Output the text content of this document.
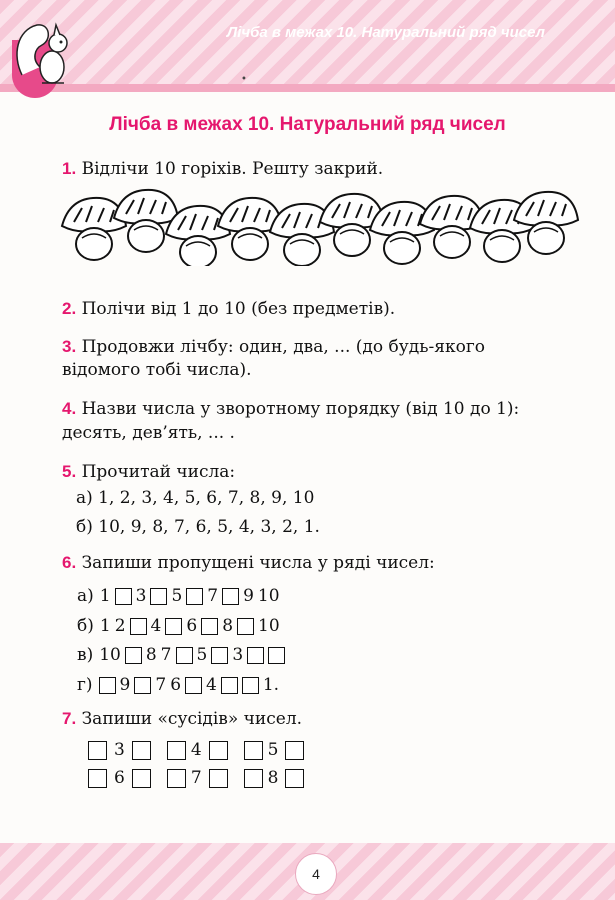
Лічба в межах 10. Натуральний ряд чисел
•
Лічба в межах 10. Натуральний ряд чисел
1. Відлічи 10 горіхів. Решту закрий.
2. Полічи від 1 до 10 (без предметів).
3. Продовжи лічбу: один, два, ... (до будь-якого
відомого тобі числа).
4. Назви числа у зворотному порядку (від 10 до 1):
десять, дев’ять, ... .
5. Прочитай числа:
а) 1, 2, 3, 4, 5, 6, 7, 8, 9, 10
б) 10, 9, 8, 7, 6, 5, 4, 3, 2, 1.
6. Запиши пропущені числа у ряді чисел:
а) 1 3 5 7 9 10
б) 1 2 4 6 8 10
в) 10 8 7 5 3
г) 9 7 6 4	1.
7. Запиши «сусідів» чисел.
3	4	5
6	7	8
4
